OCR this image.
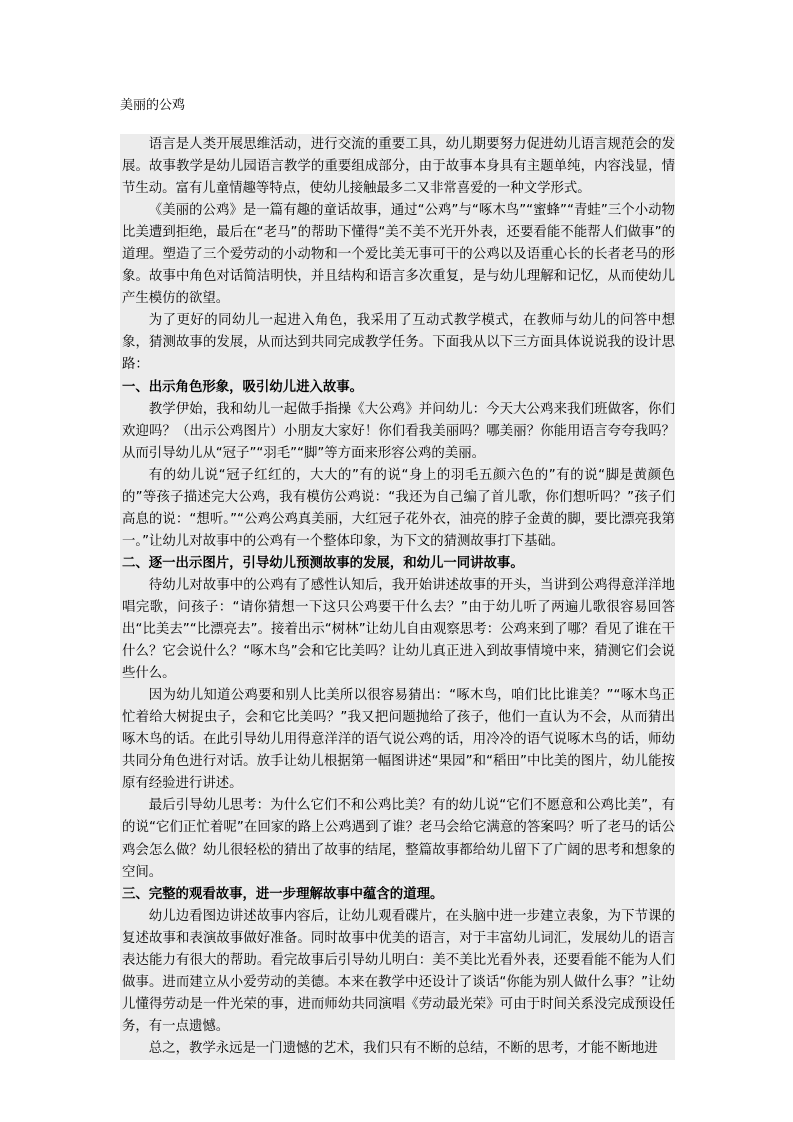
美丽的公鸡

语言是人类开展思维活动，进行交流的重要工具，幼儿期要努力促进幼儿语言规范会的发展。故事教学是幼儿园语言教学的重要组成部分，由于故事本身具有主题单纯，内容浅显，情节生动。富有儿童情趣等特点，使幼儿接触最多二又非常喜爱的一种文学形式。

《美丽的公鸡》是一篇有趣的童话故事，通过“公鸡”与“啄木鸟”“蜜蜂”“青蛙”三个小动物比美遭到拒绝，最后在“老马”的帮助下懂得“美不美不光开外表，还要看能不能帮人们做事”的道理。塑造了三个爱劳动的小动物和一个爱比美无事可干的公鸡以及语重心长的长者老马的形象。故事中角色对话简洁明快，并且结构和语言多次重复，是与幼儿理解和记忆，从而使幼儿产生模仿的欲望。

为了更好的同幼儿一起进入角色，我采用了互动式教学模式，在教师与幼儿的问答中想象，猜测故事的发展，从而达到共同完成教学任务。下面我从以下三方面具体说说我的设计思路：

一、出示角色形象，吸引幼儿进入故事。

教学伊始，我和幼儿一起做手指操《大公鸡》并问幼儿：今天大公鸡来我们班做客，你们欢迎吗？（出示公鸡图片）小朋友大家好！你们看我美丽吗？哪美丽？你能用语言夸夸我吗？从而引导幼儿从“冠子”“羽毛”“脚”等方面来形容公鸡的美丽。

有的幼儿说“冠子红红的，大大的”有的说“身上的羽毛五颜六色的”有的说“脚是黄颜色的”等孩子描述完大公鸡，我有模仿公鸡说：“我还为自己编了首儿歌，你们想听吗？”孩子们高息的说：“想听。”“公鸡公鸡真美丽，大红冠子花外衣，油亮的脖子金黄的脚，要比漂亮我第一。”让幼儿对故事中的公鸡有一个整体印象，为下文的猜测故事打下基础。

二、逐一出示图片，引导幼儿预测故事的发展，和幼儿一同讲故事。

待幼儿对故事中的公鸡有了感性认知后，我开始讲述故事的开头，当讲到公鸡得意洋洋地唱完歌，问孩子：“请你猜想一下这只公鸡要干什么去？”由于幼儿听了两遍儿歌很容易回答出“比美去”“比漂亮去”。接着出示“树林”让幼儿自由观察思考：公鸡来到了哪？看见了谁在干什么？它会说什么？“啄木鸟”会和它比美吗？让幼儿真正进入到故事情境中来，猜测它们会说些什么。

因为幼儿知道公鸡要和别人比美所以很容易猜出：“啄木鸟，咱们比比谁美？”“啄木鸟正忙着给大树捉虫子，会和它比美吗？”我又把问题抛给了孩子，他们一直认为不会，从而猜出啄木鸟的话。在此引导幼儿用得意洋洋的语气说公鸡的话，用冷冷的语气说啄木鸟的话，师幼共同分角色进行对话。放手让幼儿根据第一幅图讲述“果园”和“稻田”中比美的图片，幼儿能按原有经验进行讲述。

最后引导幼儿思考：为什么它们不和公鸡比美？有的幼儿说“它们不愿意和公鸡比美”，有的说“它们正忙着呢”在回家的路上公鸡遇到了谁？老马会给它满意的答案吗？听了老马的话公鸡会怎么做？幼儿很轻松的猜出了故事的结尾，整篇故事都给幼儿留下了广阔的思考和想象的空间。

三、完整的观看故事，进一步理解故事中蕴含的道理。

幼儿边看图边讲述故事内容后，让幼儿观看碟片，在头脑中进一步建立表象，为下节课的复述故事和表演故事做好准备。同时故事中优美的语言，对于丰富幼儿词汇，发展幼儿的语言表达能力有很大的帮助。看完故事后引导幼儿明白：美不美比光看外表，还要看能不能为人们做事。进而建立从小爱劳动的美德。本来在教学中还设计了谈话“你能为别人做什么事？”让幼儿懂得劳动是一件光荣的事，进而师幼共同演唱《劳动最光荣》可由于时间关系没完成预设任务，有一点遗憾。

总之，教学永远是一门遗憾的艺术，我们只有不断的总结，不断的思考，才能不断地进
